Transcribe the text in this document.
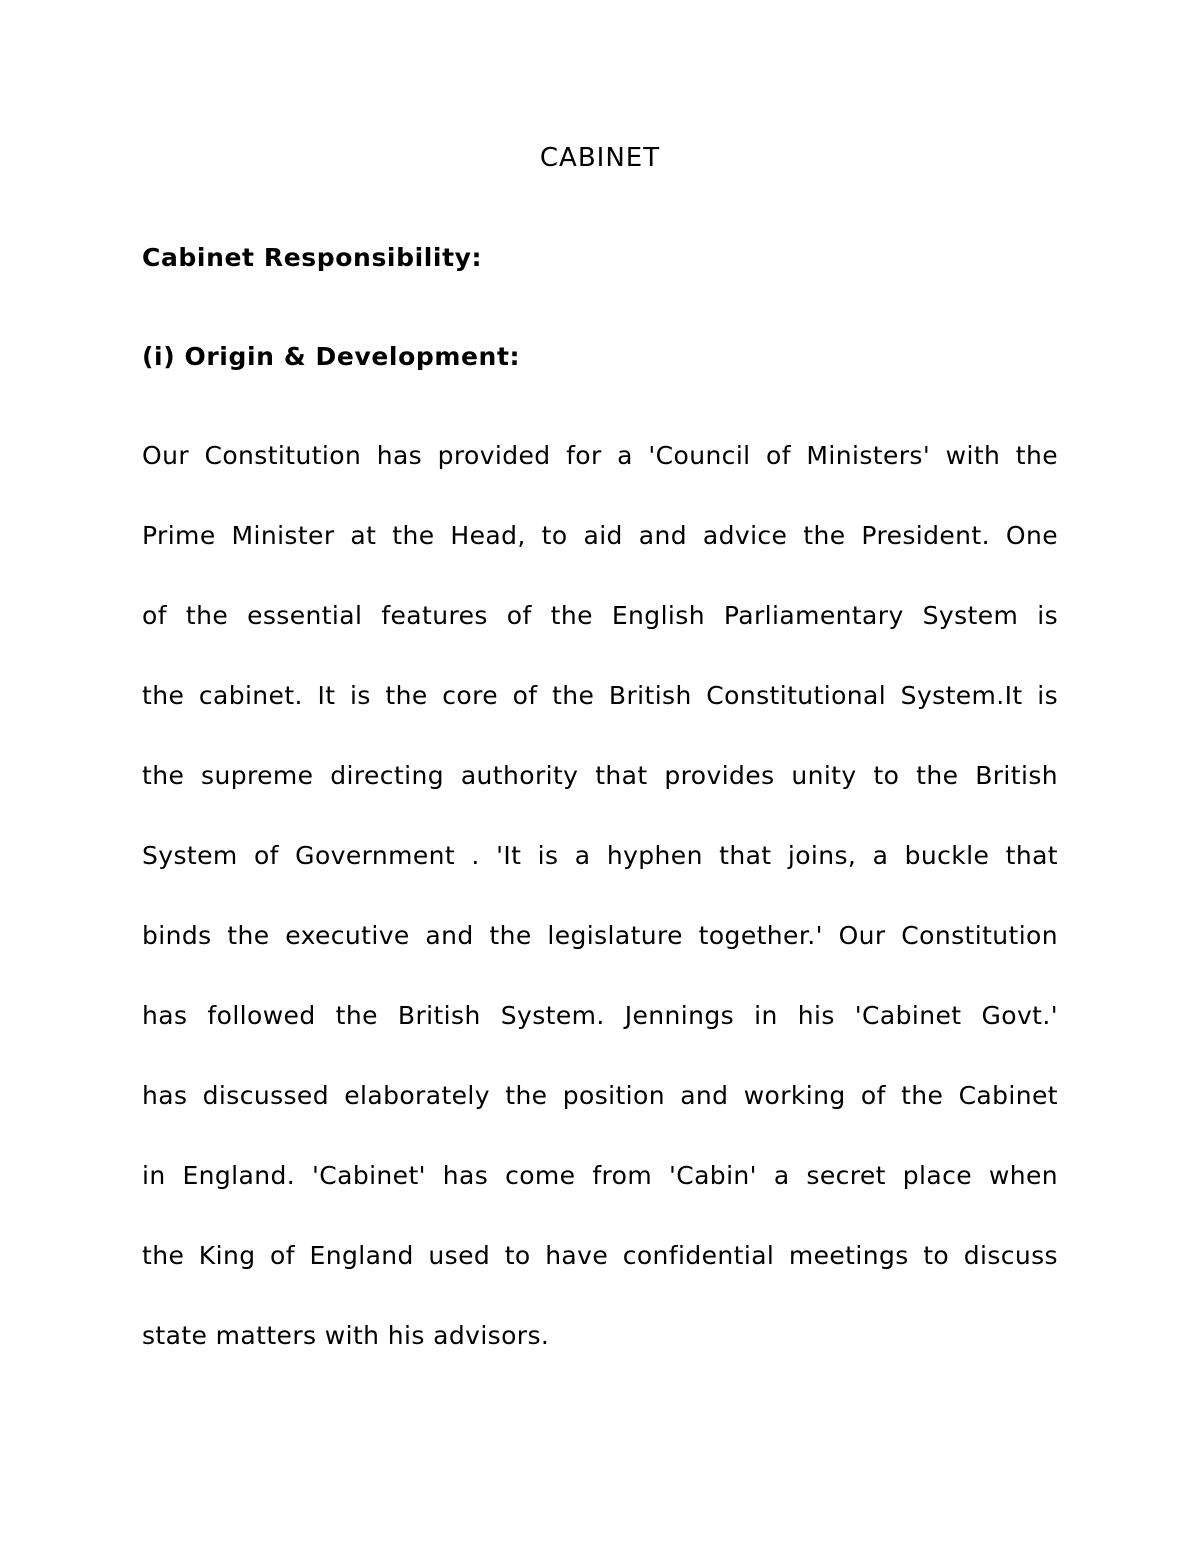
CABINET
Cabinet Responsibility:
(i) Origin & Development:
Our Constitution has provided for a 'Council of Ministers' with the
Prime Minister at the Head, to aid and advice the President. One
of the essential features of the English Parliamentary System is
the cabinet. It is the core of the British Constitutional System.It is
the supreme directing authority that provides unity to the British
System of Government . 'It is a hyphen that joins, a buckle that
binds the executive and the legislature together.' Our Constitution
has followed the British System. Jennings in his 'Cabinet Govt.'
has discussed elaborately the position and working of the Cabinet
in England. 'Cabinet' has come from 'Cabin' a secret place when
the King of England used to have confidential meetings to discuss
state matters with his advisors.
